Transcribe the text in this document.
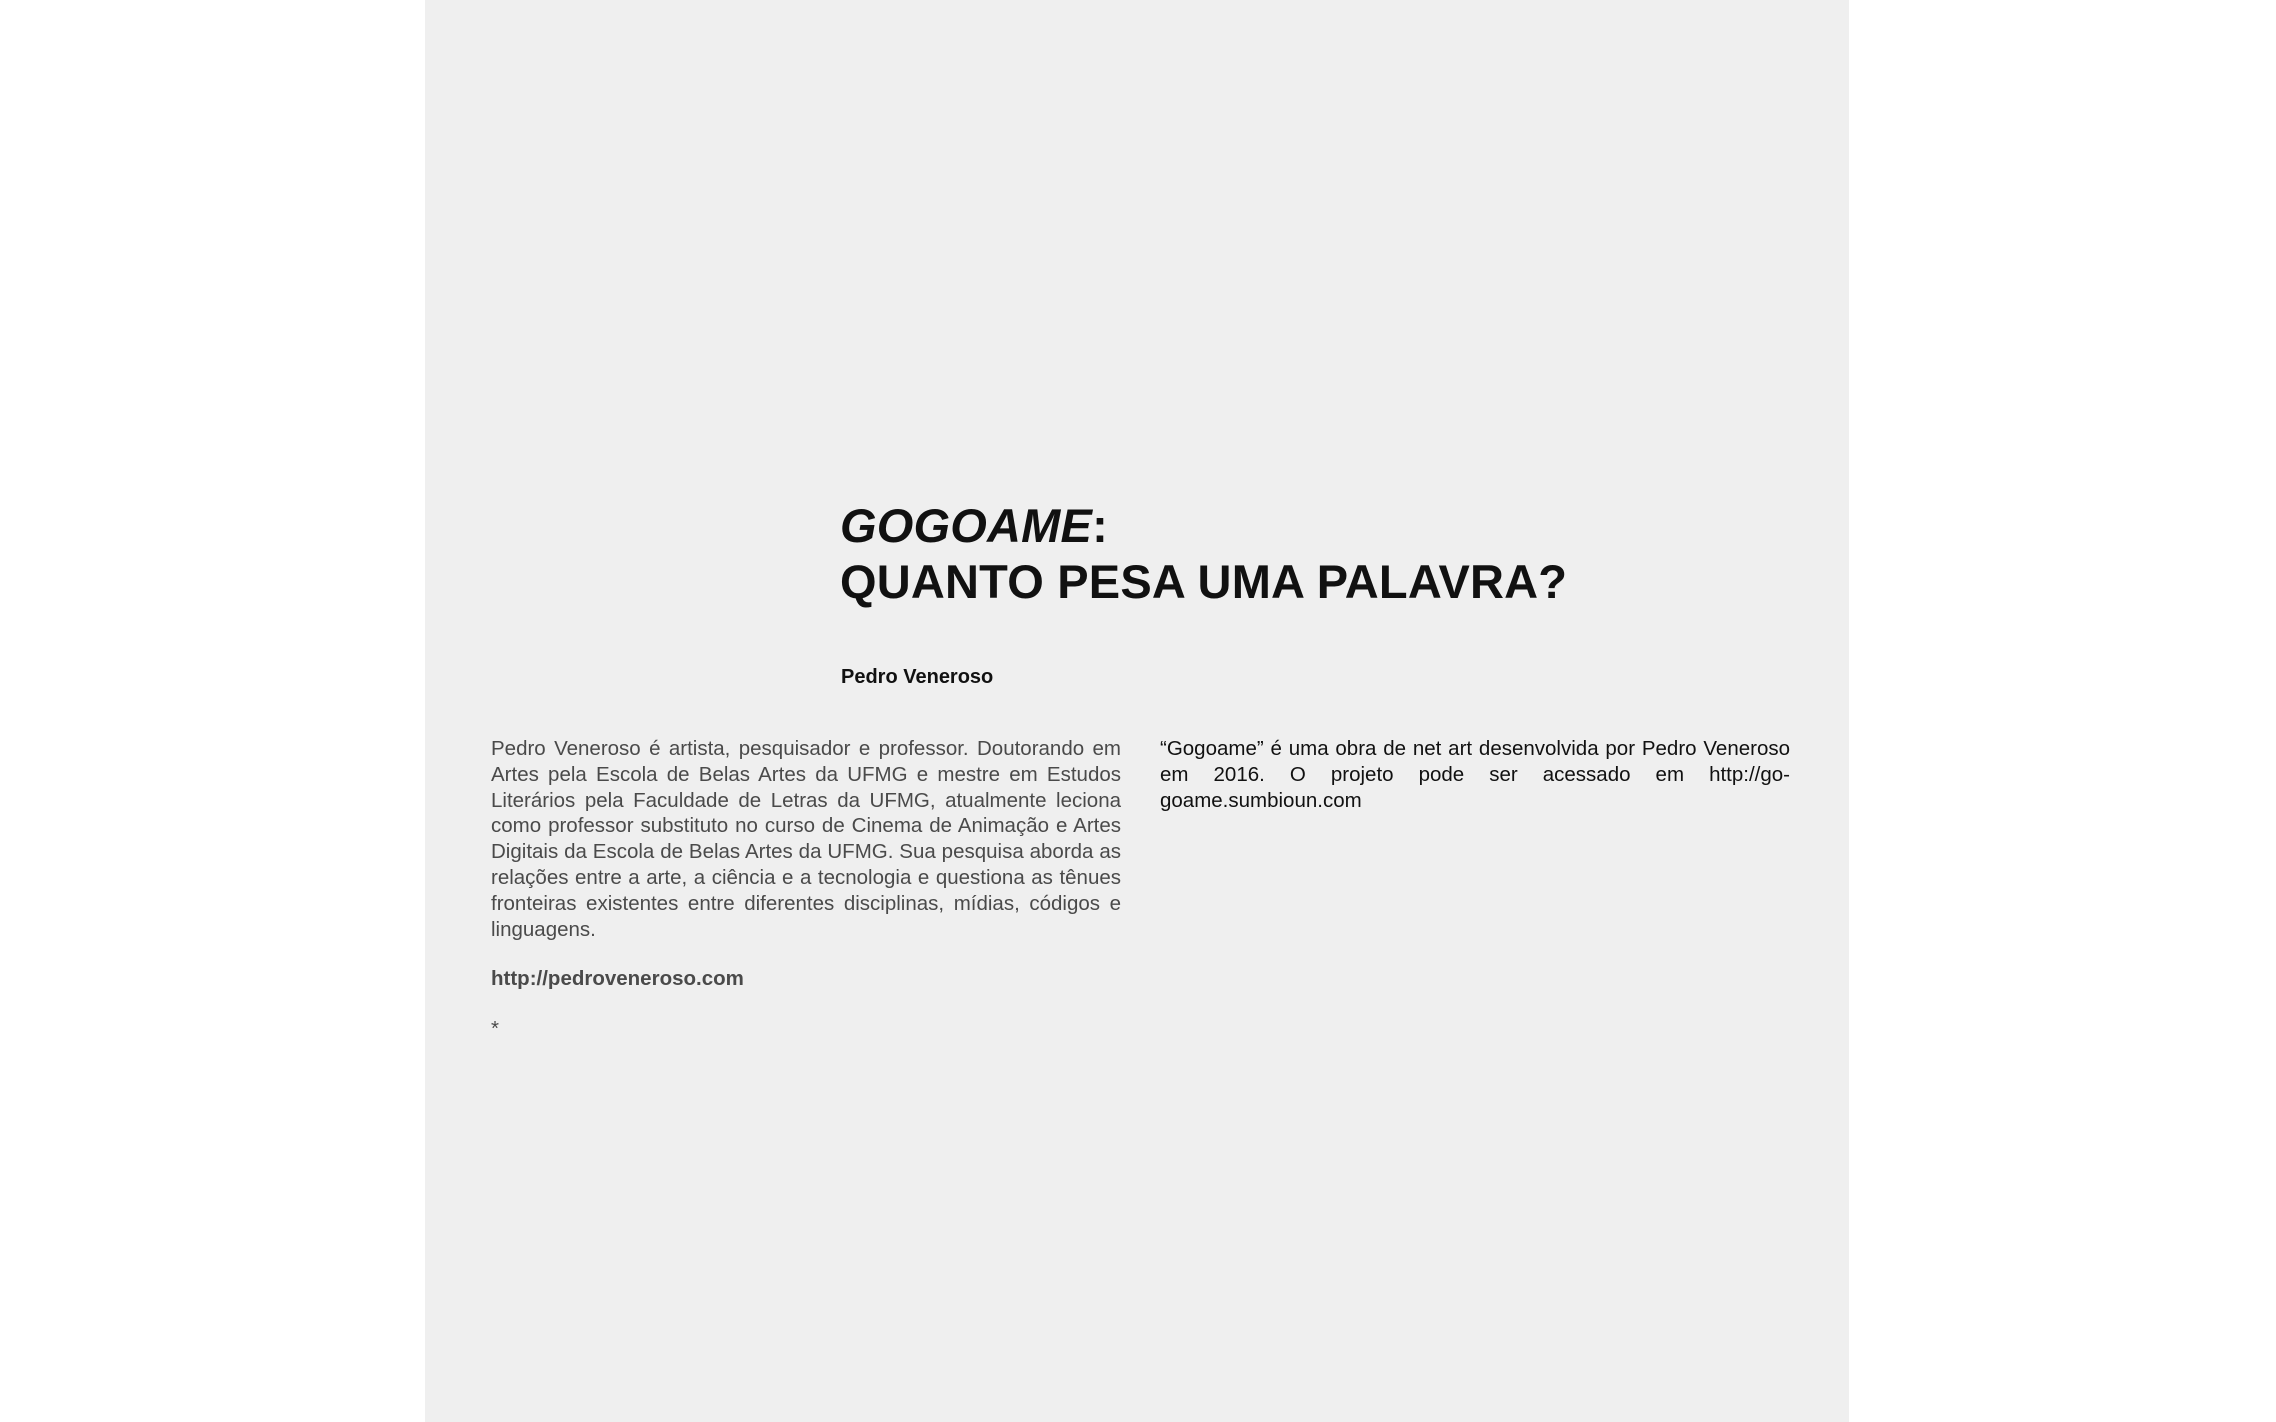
GOGOAME:
QUANTO PESA UMA PALAVRA?
Pedro Veneroso

Pedro Veneroso é artista, pesquisador e professor. Doutorando em Artes pela Escola de Belas Artes da UFMG e mestre em Estudos Literários pela Faculdade de Letras da UFMG, atualmente leciona como professor substituto no curso de Cinema de Animação e Artes Digitais da Escola de Belas Artes da UFMG. Sua pesquisa aborda as relações entre a arte, a ciência e a tecnologia e questiona as tênues fronteiras existentes entre diferentes disciplinas, mídias, códigos e linguagens.

http://pedroveneroso.com
*

“Gogoame” é uma obra de net art desenvolvida por Pedro Veneroso em 2016. O projeto pode ser acessado em http://go-goame.sumbioun.com
